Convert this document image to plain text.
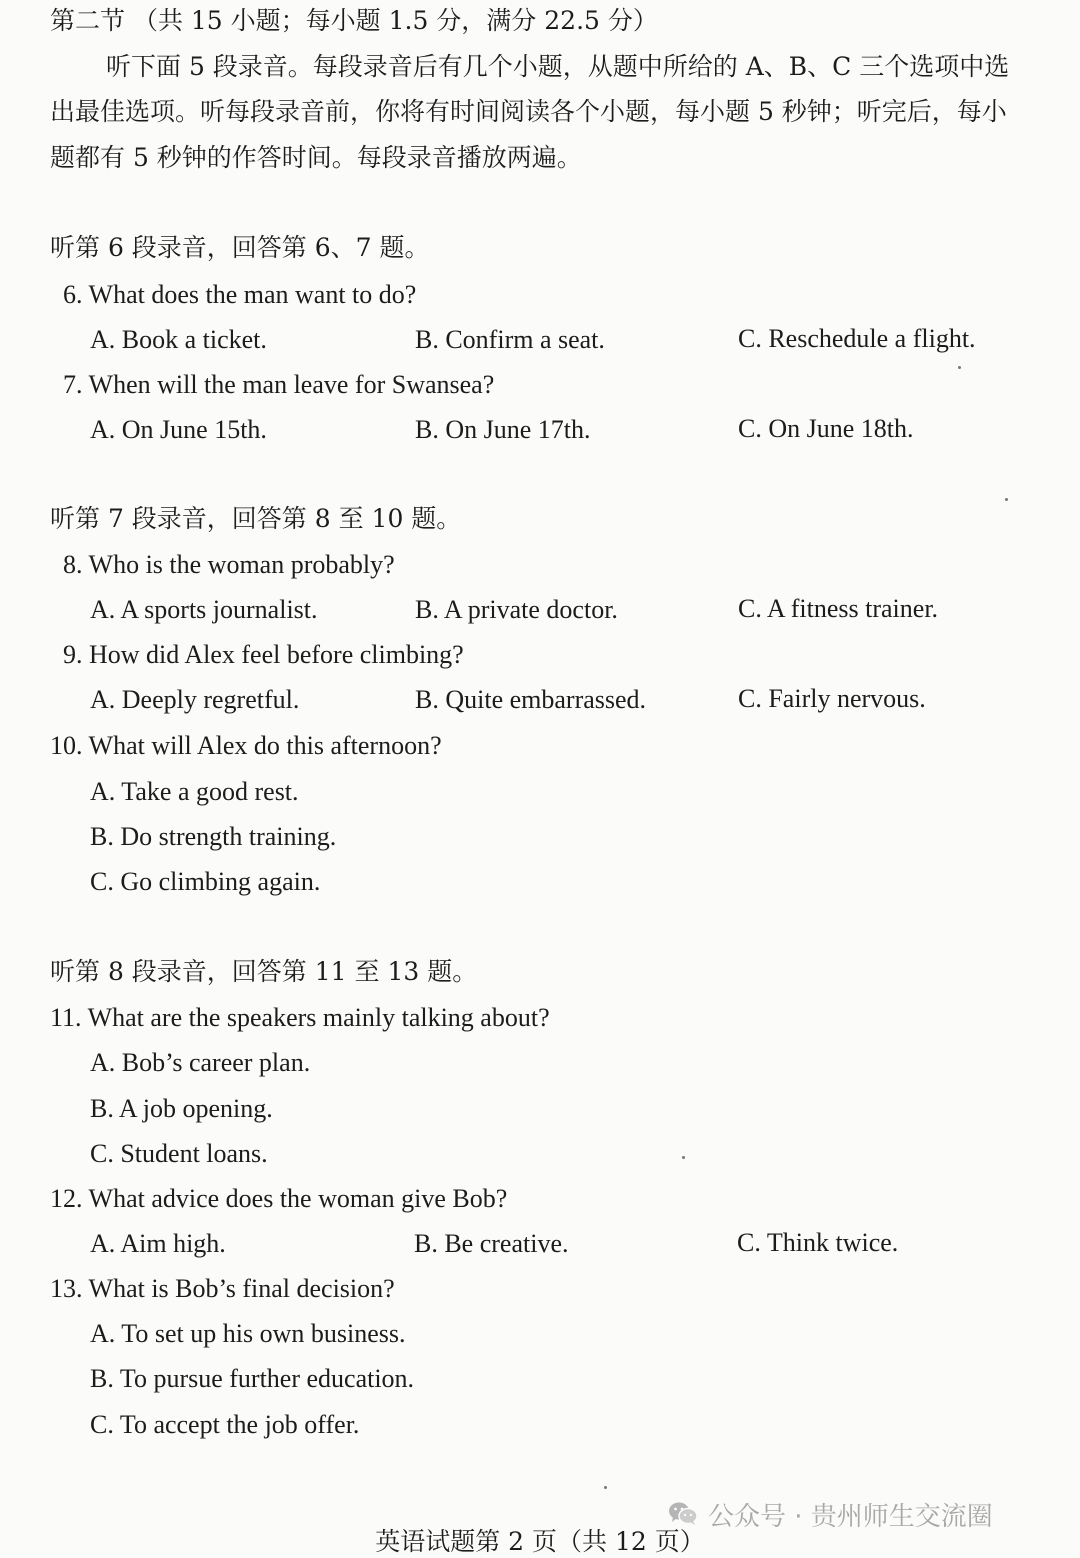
第二节 （共 15 小题；每小题 1.5 分，满分 22.5 分）
听下面 5 段录音。每段录音后有几个小题，从题中所给的 A、B、C 三个选项中选
出最佳选项。听每段录音前，你将有时间阅读各个小题，每小题 5 秒钟；听完后，每小
题都有 5 秒钟的作答时间。每段录音播放两遍。
听第 6 段录音，回答第 6、7 题。
6. What does the man want to do?
A. Book a ticket.	B. Confirm a seat.	C. Reschedule a flight.
7. When will the man leave for Swansea?
A. On June 15th.	B. On June 17th.	C. On June 18th.
听第 7 段录音，回答第 8 至 10 题。
8. Who is the woman probably?
A. A sports journalist.	B. A private doctor.	C. A fitness trainer.
9. How did Alex feel before climbing?
A. Deeply regretful.	B. Quite embarrassed.	C. Fairly nervous.
10. What will Alex do this afternoon?
A. Take a good rest.
B. Do strength training.
C. Go climbing again.
听第 8 段录音，回答第 11 至 13 题。
11. What are the speakers mainly talking about?
A. Bob’s career plan.
B. A job opening.
C. Student loans.
12. What advice does the woman give Bob?
A. Aim high.	B. Be creative.	C. Think twice.
13. What is Bob’s final decision?
A. To set up his own business.
B. To pursue further education.
C. To accept the job offer.
公众号 · 贵州师生交流圈
英语试题第 2 页（共 12 页）
